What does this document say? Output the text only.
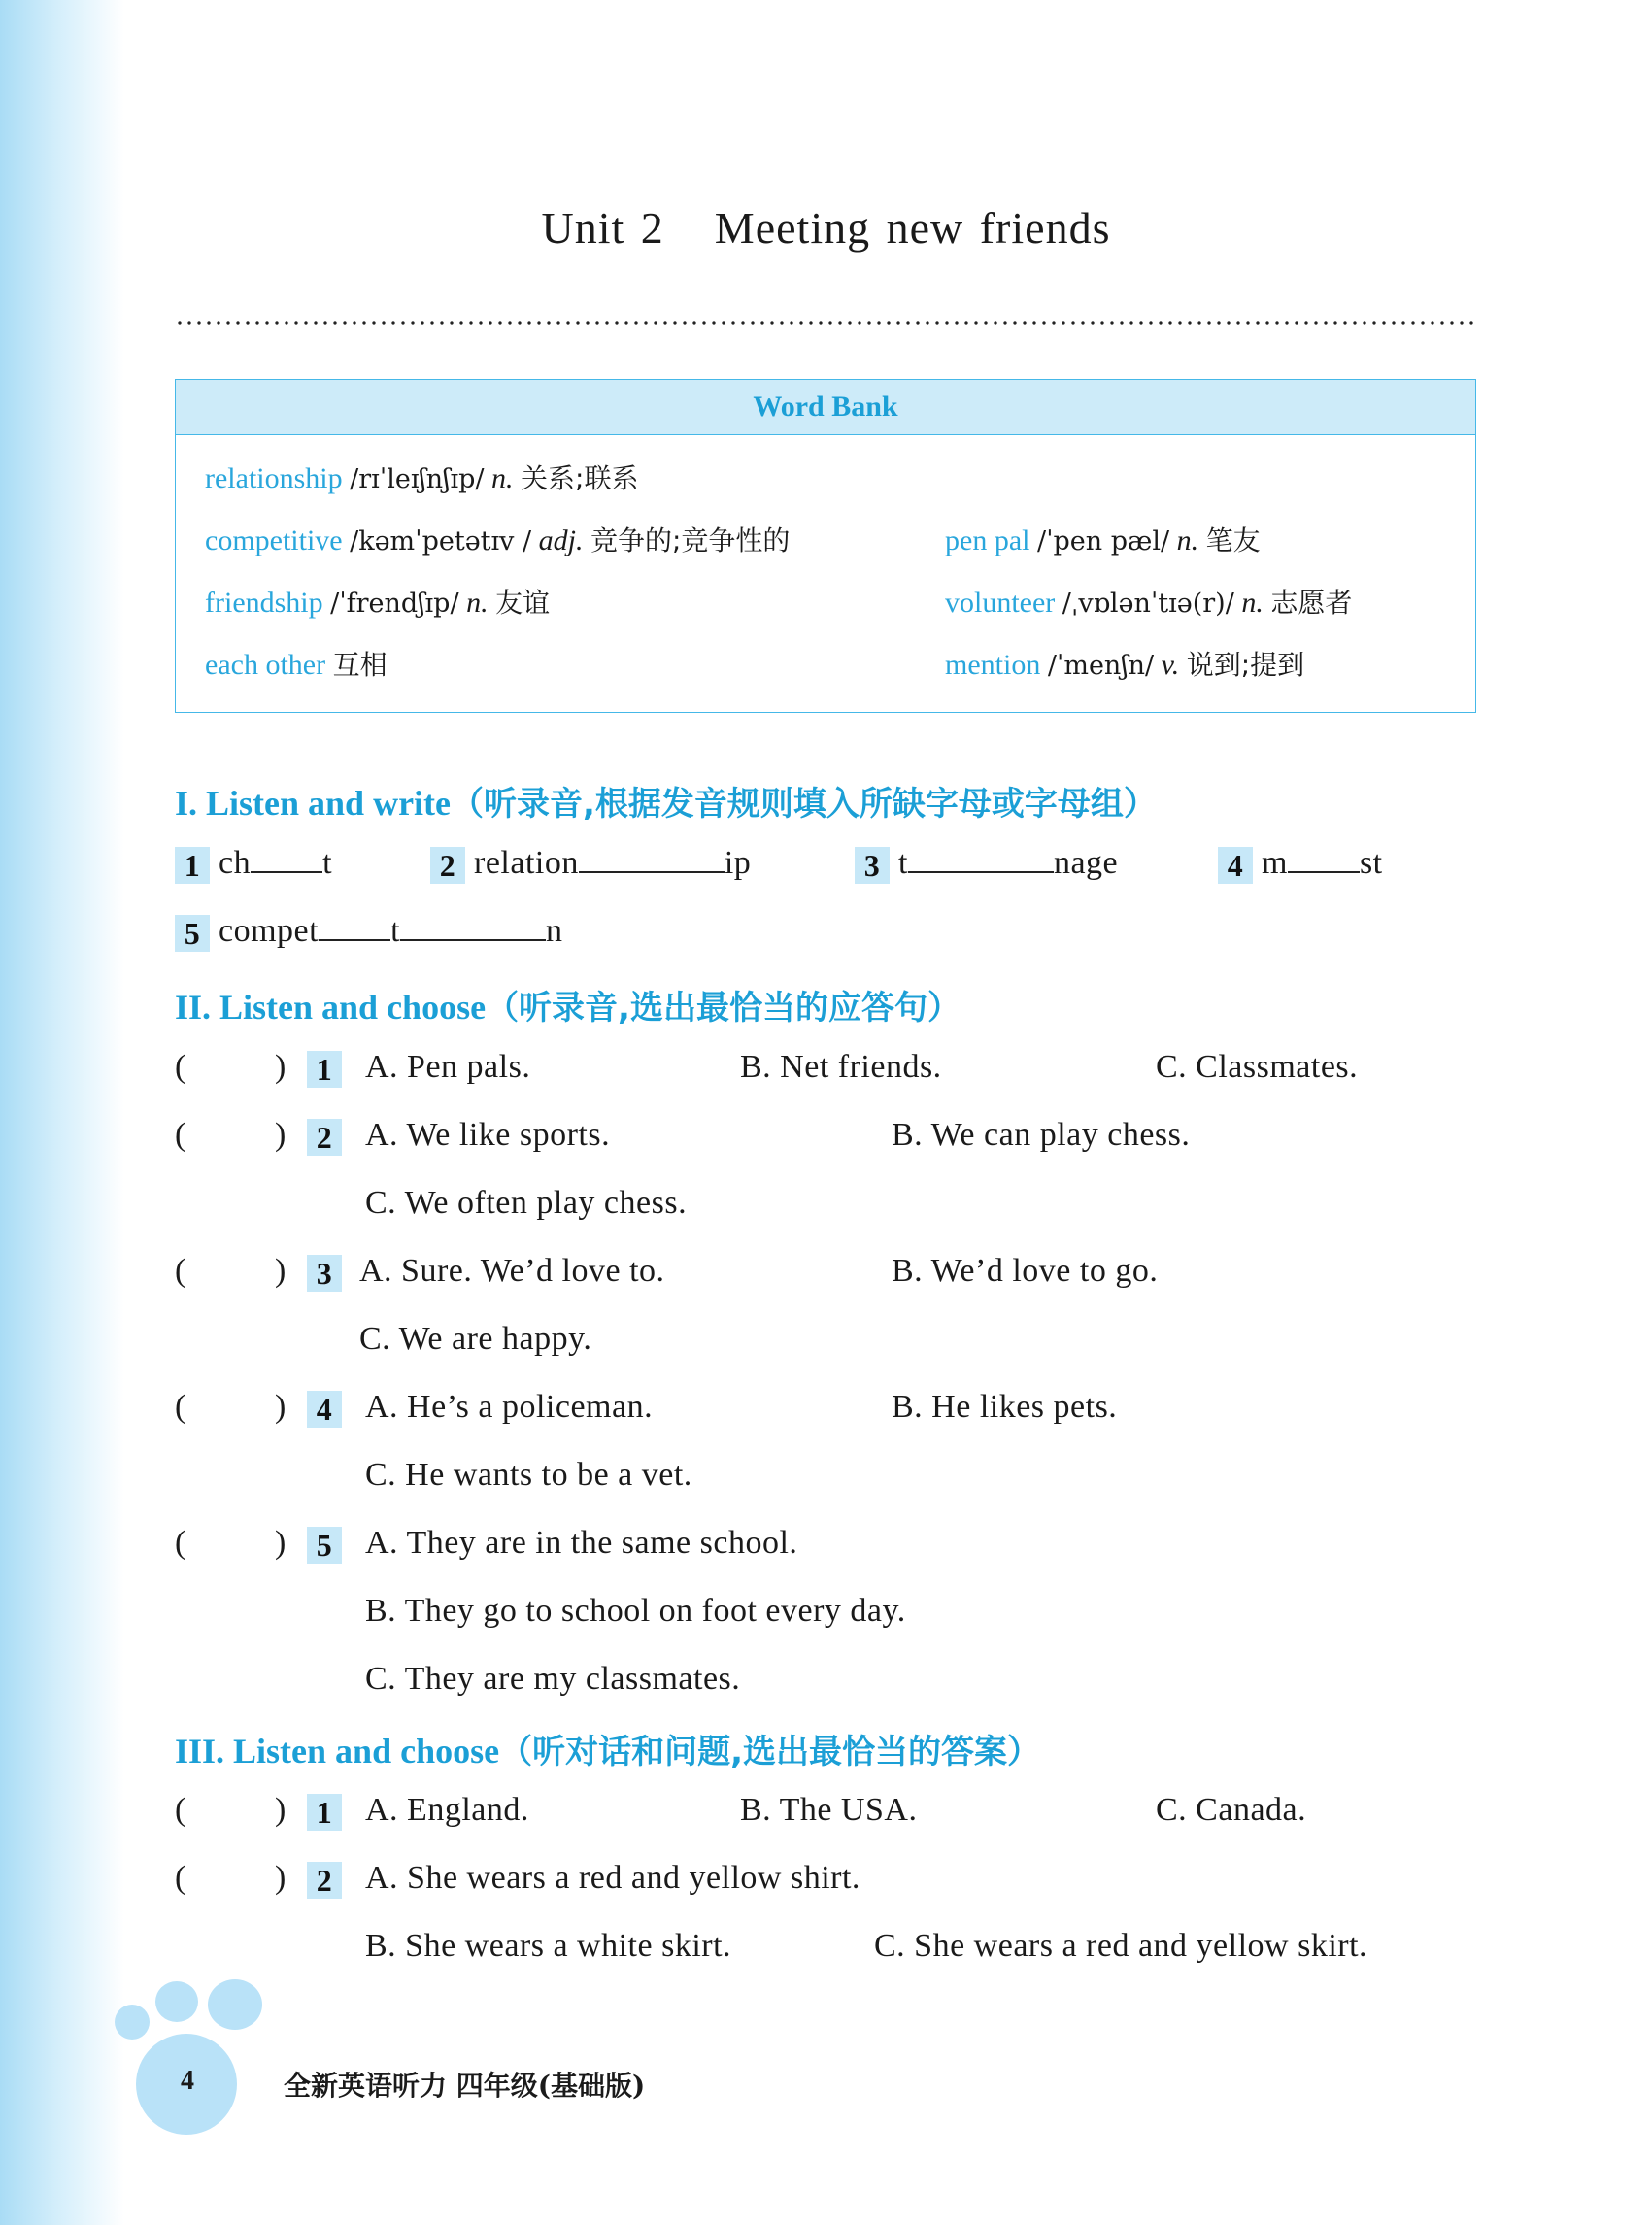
Unit 2 Meeting new friends
Word Bank
relationship /rɪˈleɪʃnʃɪp/ n. 关系;联系
competitive /kəmˈpetətɪv / adj. 竞争的;竞争性的	pen pal /ˈpen pæl/ n. 笔友
friendship /ˈfrendʃɪp/ n. 友谊	volunteer /ˌvɒlənˈtɪə(r)/ n. 志愿者
each other 互相	mention /ˈmenʃn/ v. 说到;提到
I. Listen and write（听录音,根据发音规则填入所缺字母或字母组）
1 ch t	2 relation	ip	3 t	nage	4 m st
5 compet t	n
II. Listen and choose（听录音,选出最恰当的应答句）
(	) 1 A. Pen pals.	B. Net friends.	C. Classmates.
(	) 2 A. We like sports.	B. We can play chess.
C. We often play chess.
(	) 3 A. Sure. We’d love to.	B. We’d love to go.
C. We are happy.
(	) 4 A. He’s a policeman.	B. He likes pets.
C. He wants to be a vet.
(	) 5 A. They are in the same school.
B. They go to school on foot every day.
C. They are my classmates.
III. Listen and choose（听对话和问题,选出最恰当的答案）
(	) 1 A. England.	B. The USA.	C. Canada.
(	) 2 A. She wears a red and yellow shirt.
B. She wears a white skirt.	C. She wears a red and yellow skirt.
4	全新英语听力 四年级(基础版)
